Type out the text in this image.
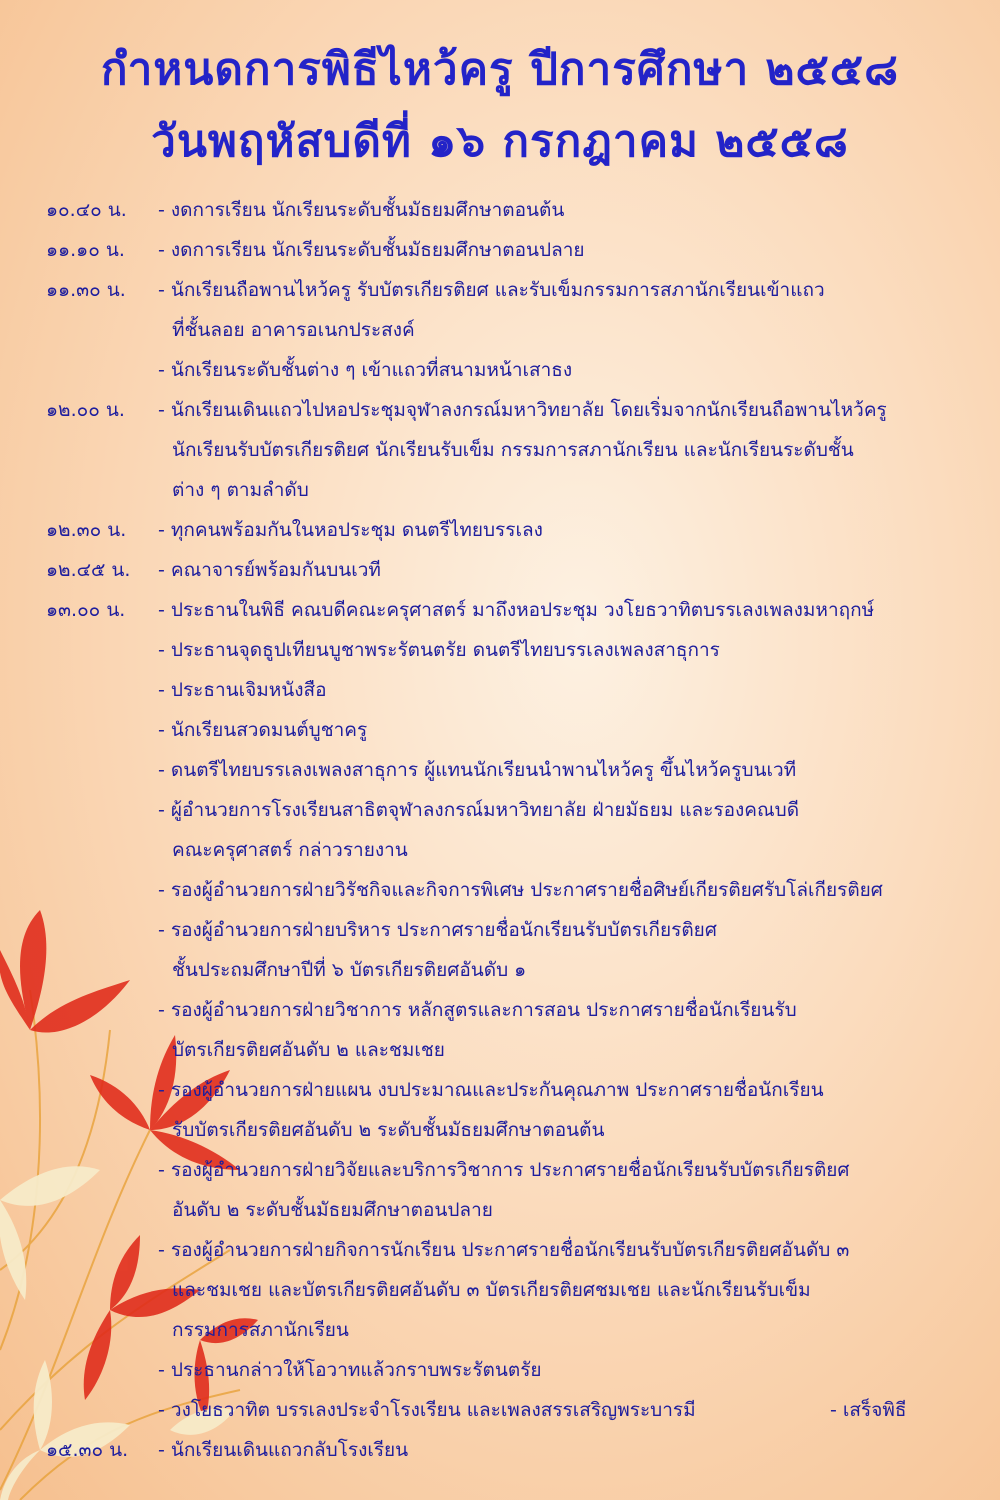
กำหนดการพิธีไหว้ครู ปีการศึกษา ๒๕๕๘
วันพฤหัสบดีที่ ๑๖ กรกฎาคม ๒๕๕๘
๑๐.๔๐ น. - งดการเรียน นักเรียนระดับชั้นมัธยมศึกษาตอนต้น
๑๑.๑๐ น. - งดการเรียน นักเรียนระดับชั้นมัธยมศึกษาตอนปลาย
๑๑.๓๐ น. - นักเรียนถือพานไหว้ครู รับบัตรเกียรติยศ และรับเข็มกรรมการสภานักเรียนเข้าแถว
ที่ชั้นลอย อาคารอเนกประสงค์
- นักเรียนระดับชั้นต่าง ๆ เข้าแถวที่สนามหน้าเสาธง
๑๒.๐๐ น. - นักเรียนเดินแถวไปหอประชุมจุฬาลงกรณ์มหาวิทยาลัย โดยเริ่มจากนักเรียนถือพานไหว้ครู
นักเรียนรับบัตรเกียรติยศ นักเรียนรับเข็ม กรรมการสภานักเรียน และนักเรียนระดับชั้น
ต่าง ๆ ตามลำดับ
๑๒.๓๐ น. - ทุกคนพร้อมกันในหอประชุม ดนตรีไทยบรรเลง
๑๒.๔๕ น. - คณาจารย์พร้อมกันบนเวที
๑๓.๐๐ น. - ประธานในพิธี คณบดีคณะครุศาสตร์ มาถึงหอประชุม วงโยธวาทิตบรรเลงเพลงมหาฤกษ์
- ประธานจุดธูปเทียนบูชาพระรัตนตรัย ดนตรีไทยบรรเลงเพลงสาธุการ
- ประธานเจิมหนังสือ
- นักเรียนสวดมนต์บูชาครู
- ดนตรีไทยบรรเลงเพลงสาธุการ ผู้แทนนักเรียนนำพานไหว้ครู ขึ้นไหว้ครูบนเวที
- ผู้อำนวยการโรงเรียนสาธิตจุฬาลงกรณ์มหาวิทยาลัย ฝ่ายมัธยม และรองคณบดี
คณะครุศาสตร์ กล่าวรายงาน
- รองผู้อำนวยการฝ่ายวิรัชกิจและกิจการพิเศษ ประกาศรายชื่อศิษย์เกียรติยศรับโล่เกียรติยศ
- รองผู้อำนวยการฝ่ายบริหาร ประกาศรายชื่อนักเรียนรับบัตรเกียรติยศ
ชั้นประถมศึกษาปีที่ ๖ บัตรเกียรติยศอันดับ ๑
- รองผู้อำนวยการฝ่ายวิชาการ หลักสูตรและการสอน ประกาศรายชื่อนักเรียนรับ
บัตรเกียรติยศอันดับ ๒ และชมเชย
- รองผู้อำนวยการฝ่ายแผน งบประมาณและประกันคุณภาพ ประกาศรายชื่อนักเรียน
รับบัตรเกียรติยศอันดับ ๒ ระดับชั้นมัธยมศึกษาตอนต้น
- รองผู้อำนวยการฝ่ายวิจัยและบริการวิชาการ ประกาศรายชื่อนักเรียนรับบัตรเกียรติยศ
อันดับ ๒ ระดับชั้นมัธยมศึกษาตอนปลาย
- รองผู้อำนวยการฝ่ายกิจการนักเรียน ประกาศรายชื่อนักเรียนรับบัตรเกียรติยศอันดับ ๓
และชมเชย และบัตรเกียรติยศอันดับ ๓ บัตรเกียรติยศชมเชย และนักเรียนรับเข็ม
กรรมการสภานักเรียน
- ประธานกล่าวให้โอวาทแล้วกราบพระรัตนตรัย
- วงโยธวาทิต บรรเลงประจำโรงเรียน และเพลงสรรเสริญพระบารมี	- เสร็จพิธี
๑๕.๓๐ น. - นักเรียนเดินแถวกลับโรงเรียน
